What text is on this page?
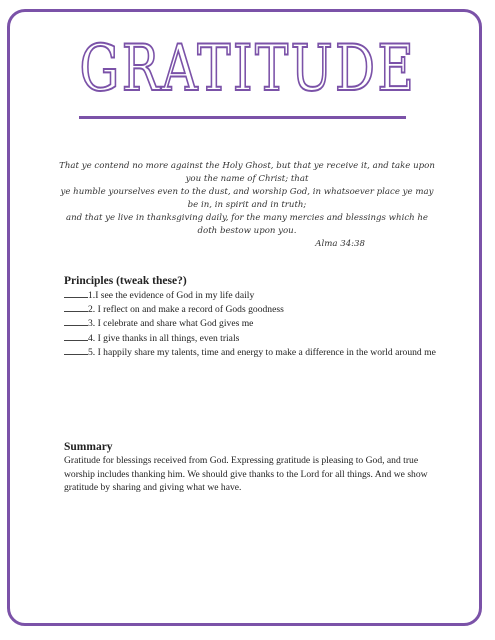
GRATITUDE
That ye contend no more against the Holy Ghost, but that ye receive it, and take upon you the name of Christ; that
ye humble yourselves even to the dust, and worship God, in whatsoever place ye may be in, in spirit and in truth;
and that ye live in thanksgiving daily, for the many mercies and blessings which he doth bestow upon you.
Alma 34:38
Principles (tweak these?)
1.I see the evidence of God in my life daily
2. I reflect on and make a record of Gods goodness
3. I celebrate and share what God gives me
4. I give thanks in all things, even trials
5. I happily share my talents, time and energy to make a difference in the world around me
Summary
Gratitude for blessings received from God. Expressing gratitude is pleasing to God, and true worship includes thanking him. We should give thanks to the Lord for all things. And we show gratitude by sharing and giving what we have.
